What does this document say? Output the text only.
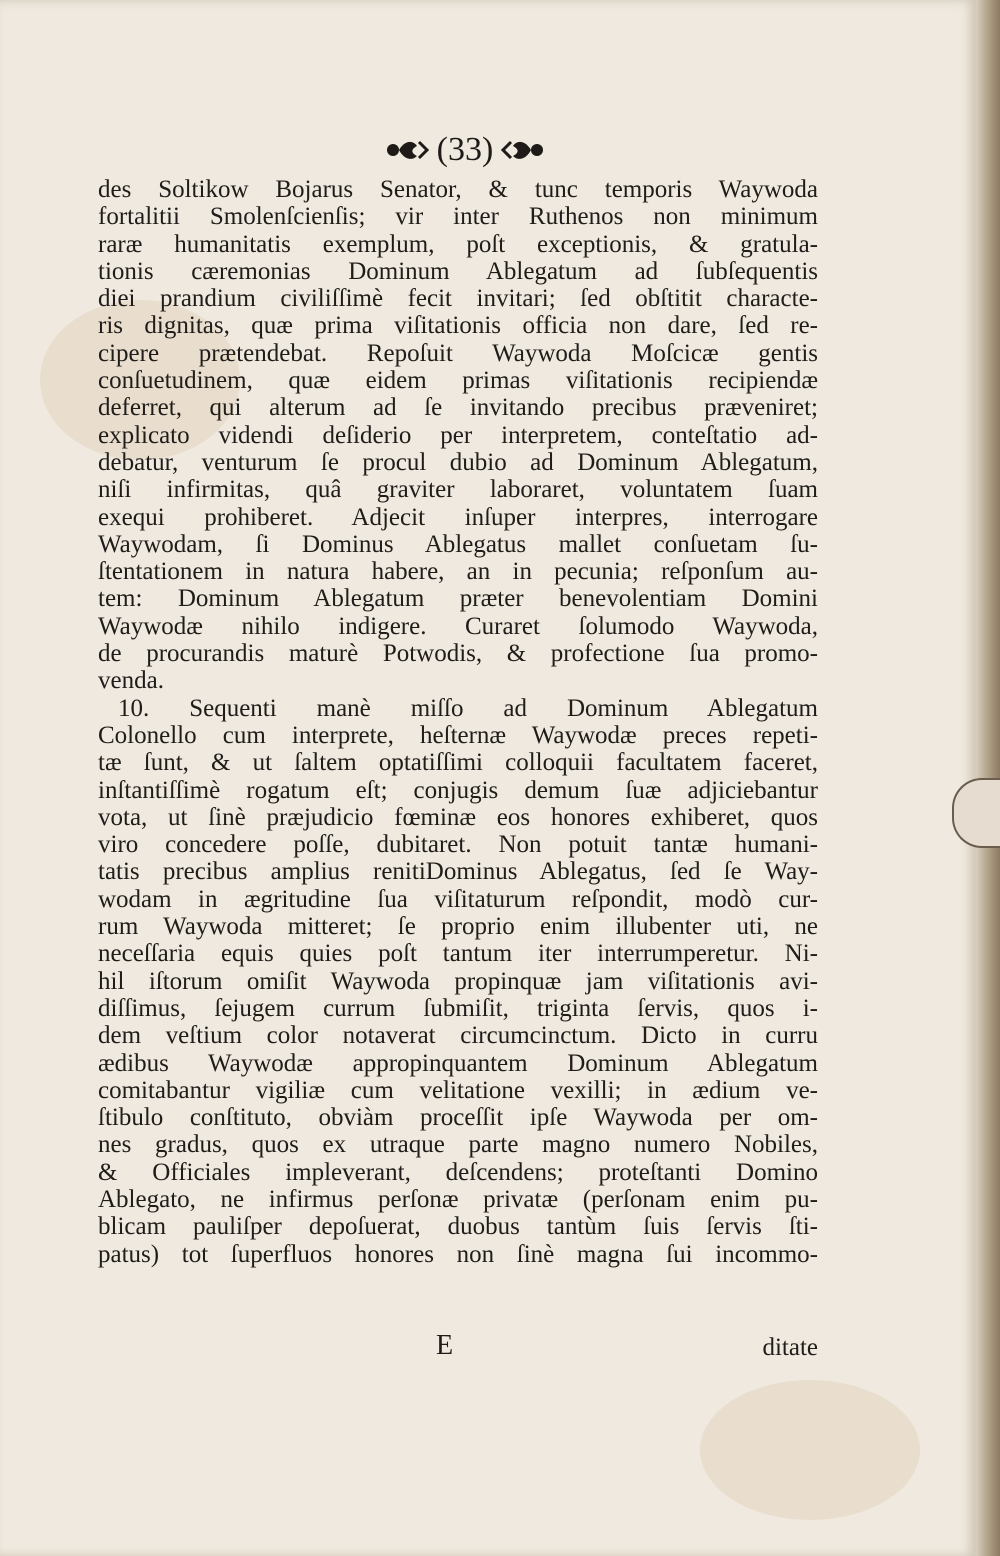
(33)
des Soltikow Bojarus Senator, & tunc temporis Waywoda
fortalitii Smolenſcienſis; vir inter Ruthenos non minimum
raræ humanitatis exemplum, poſt exceptionis, & gratula-
tionis cæremonias Dominum Ablegatum ad ſubſequentis
diei prandium civiliſſimè fecit invitari; ſed obſtitit characte-
ris dignitas, quæ prima viſitationis officia non dare, ſed re-
cipere prætendebat. Repoſuit Waywoda Moſcicæ gentis
conſuetudinem, quæ eidem primas viſitationis recipiendæ
deferret, qui alterum ad ſe invitando precibus præveniret;
explicato videndi deſiderio per interpretem, conteſtatio ad-
debatur, venturum ſe procul dubio ad Dominum Ablegatum,
niſi infirmitas, quâ graviter laboraret, voluntatem ſuam
exequi prohiberet. Adjecit inſuper interpres, interrogare
Waywodam, ſi Dominus Ablegatus mallet conſuetam ſu-
ſtentationem in natura habere, an in pecunia; reſponſum au-
tem: Dominum Ablegatum præter benevolentiam Domini
Waywodæ nihilo indigere. Curaret ſolumodo Waywoda,
de procurandis maturè Potwodis, & profectione ſua promo-
venda.
10. Sequenti manè miſſo ad Dominum Ablegatum
Colonello cum interprete, heſternæ Waywodæ preces repeti-
tæ ſunt, & ut ſaltem optatiſſimi colloquii facultatem faceret,
inſtantiſſimè rogatum eſt; conjugis demum ſuæ adjiciebantur
vota, ut ſinè præjudicio fœminæ eos honores exhiberet, quos
viro concedere poſſe, dubitaret. Non potuit tantæ humani-
tatis precibus amplius renitiDominus Ablegatus, ſed ſe Way-
wodam in ægritudine ſua viſitaturum reſpondit, modò cur-
rum Waywoda mitteret; ſe proprio enim illubenter uti, ne
neceſſaria equis quies poſt tantum iter interrumperetur. Ni-
hil iſtorum omiſit Waywoda propinquæ jam viſitationis avi-
diſſimus, ſejugem currum ſubmiſit, triginta ſervis, quos i-
dem veſtium color notaverat circumcinctum. Dicto in curru
ædibus Waywodæ appropinquantem Dominum Ablegatum
comitabantur vigiliæ cum velitatione vexilli; in ædium ve-
ſtibulo conſtituto, obviàm proceſſit ipſe Waywoda per om-
nes gradus, quos ex utraque parte magno numero Nobiles,
& Officiales impleverant, deſcendens; proteſtanti Domino
Ablegato, ne infirmus perſonæ privatæ (perſonam enim pu-
blicam pauliſper depoſuerat, duobus tantùm ſuis ſervis ſti-
patus) tot ſuperfluos honores non ſinè magna ſui incommo-
E	ditate
